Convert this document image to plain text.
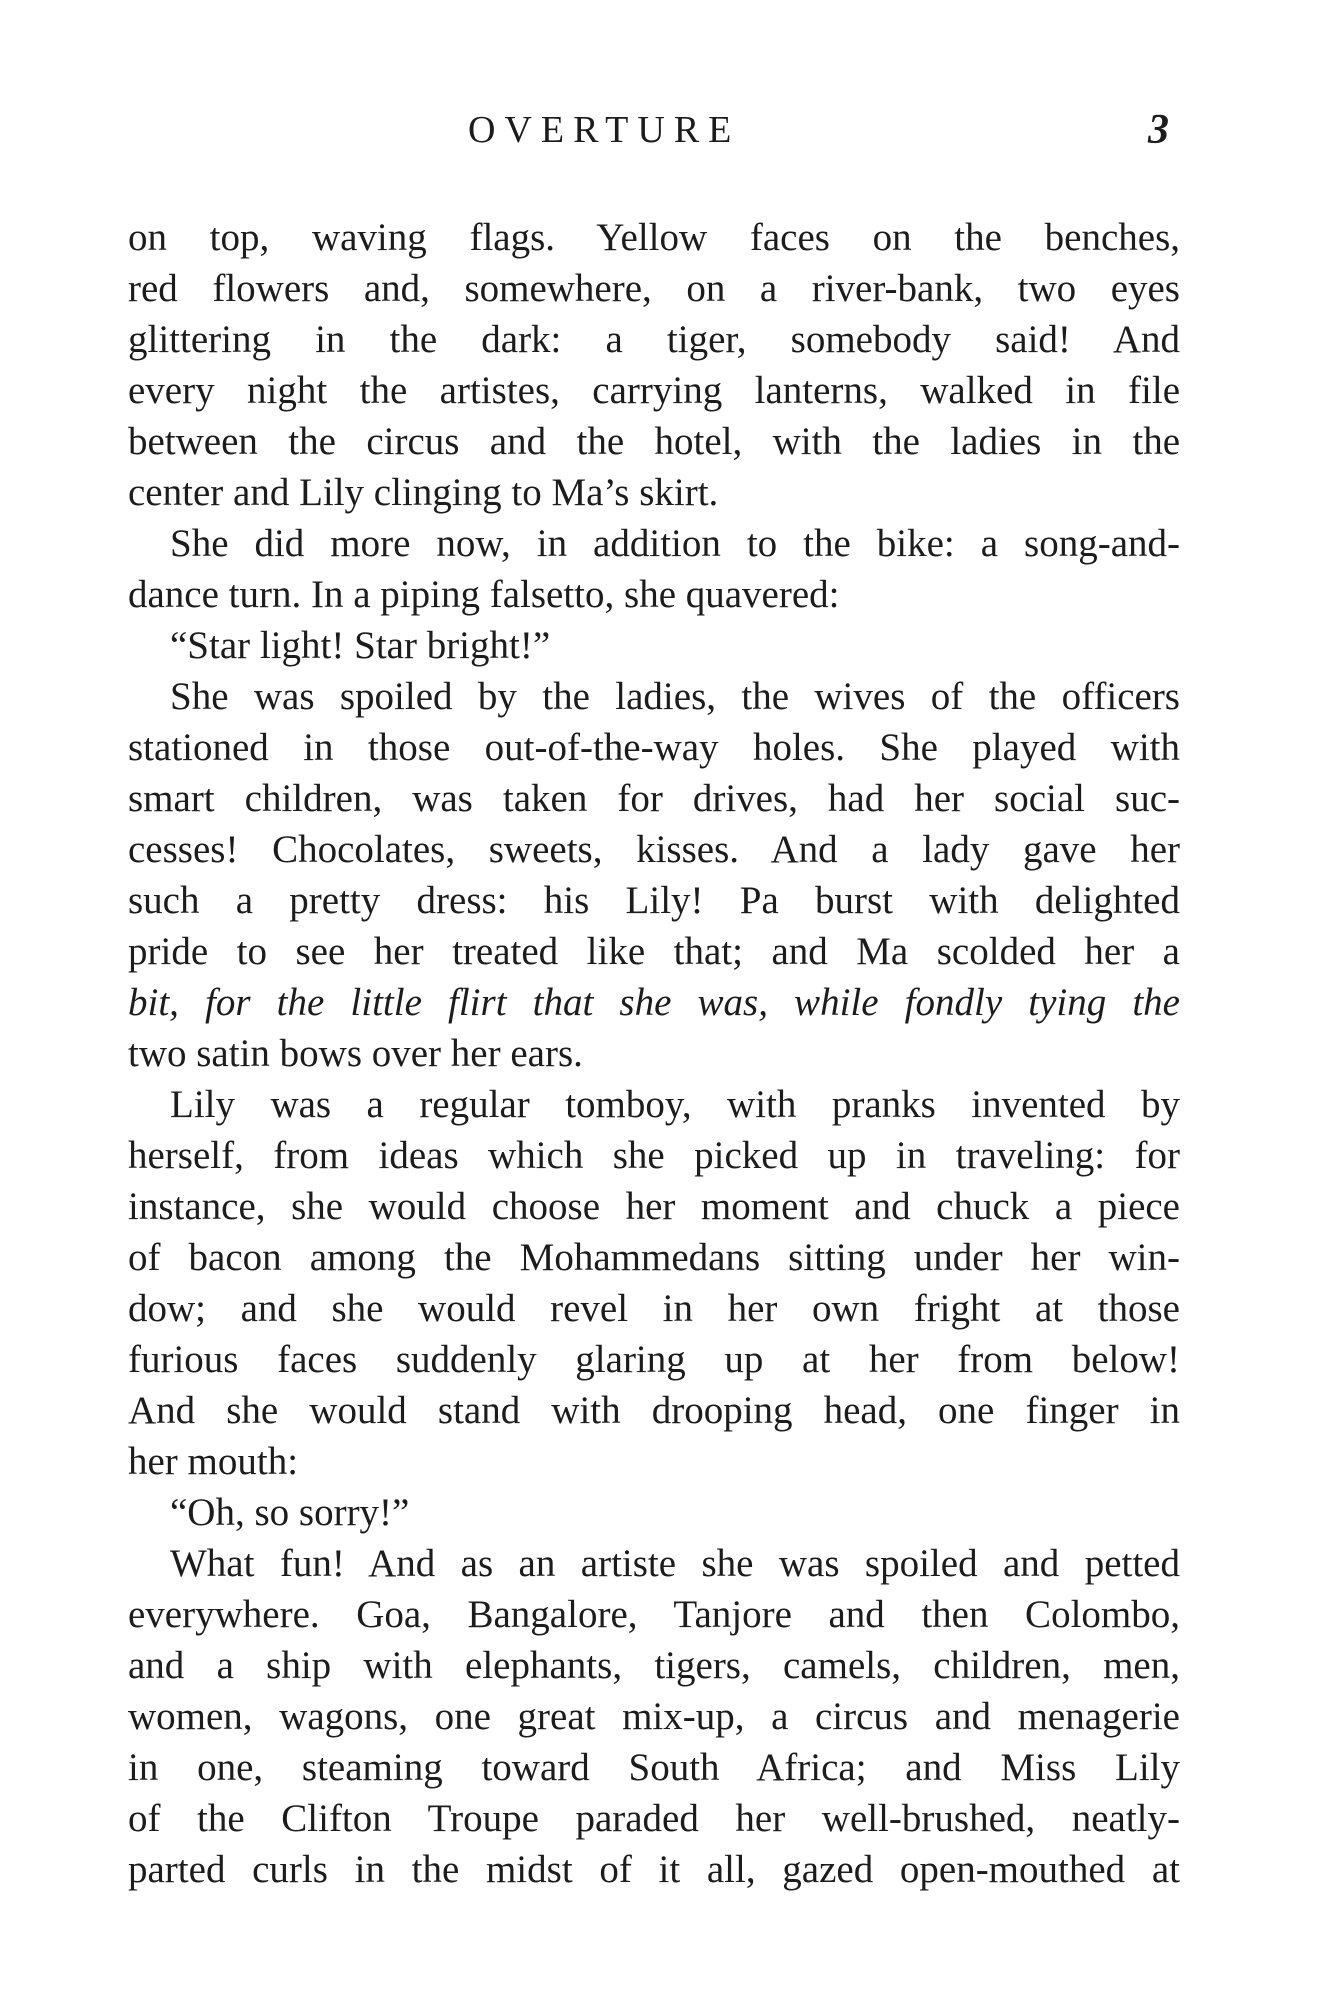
OVERTURE	3
on top, waving flags. Yellow faces on the benches,
red flowers and, somewhere, on a river-bank, two eyes
glittering in the dark: a tiger, somebody said! And
every night the artistes, carrying lanterns, walked in file
between the circus and the hotel, with the ladies in the
center and Lily clinging to Ma’s skirt.
She did more now, in addition to the bike: a song-and-
dance turn. In a piping falsetto, she quavered:
“Star light! Star bright!”
She was spoiled by the ladies, the wives of the officers
stationed in those out-of-the-way holes. She played with
smart children, was taken for drives, had her social suc-
cesses! Chocolates, sweets, kisses. And a lady gave her
such a pretty dress: his Lily! Pa burst with delighted
pride to see her treated like that; and Ma scolded her a
bit, for the little flirt that she was, while fondly tying the
two satin bows over her ears.
Lily was a regular tomboy, with pranks invented by
herself, from ideas which she picked up in traveling: for
instance, she would choose her moment and chuck a piece
of bacon among the Mohammedans sitting under her win-
dow; and she would revel in her own fright at those
furious faces suddenly glaring up at her from below!
And she would stand with drooping head, one finger in
her mouth:
“Oh, so sorry!”
What fun! And as an artiste she was spoiled and petted
everywhere. Goa, Bangalore, Tanjore and then Colombo,
and a ship with elephants, tigers, camels, children, men,
women, wagons, one great mix-up, a circus and menagerie
in one, steaming toward South Africa; and Miss Lily
of the Clifton Troupe paraded her well-brushed, neatly-
parted curls in the midst of it all, gazed open-mouthed at
